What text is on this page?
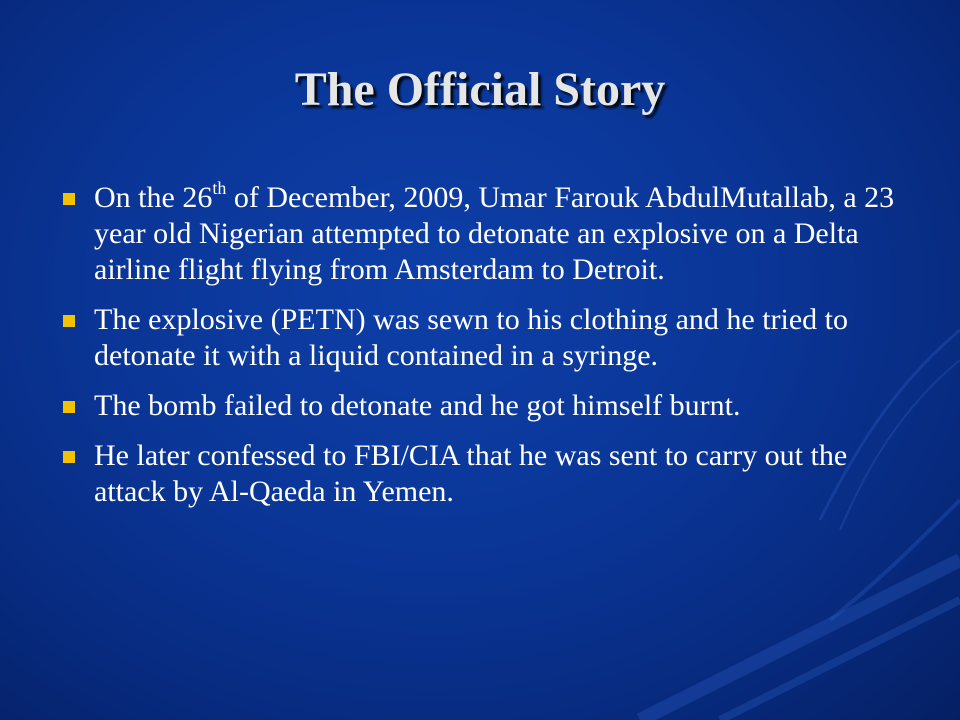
The Official Story
On the 26th of December, 2009, Umar Farouk AbdulMutallab, a 23 year old Nigerian attempted to detonate an explosive on a Delta airline flight flying from Amsterdam to Detroit.
The explosive (PETN) was sewn to his clothing and he tried to detonate it with a liquid contained in a syringe.
The bomb failed to detonate and he got himself burnt.
He later confessed to FBI/CIA that he was sent to carry out the attack by Al-Qaeda in Yemen.
